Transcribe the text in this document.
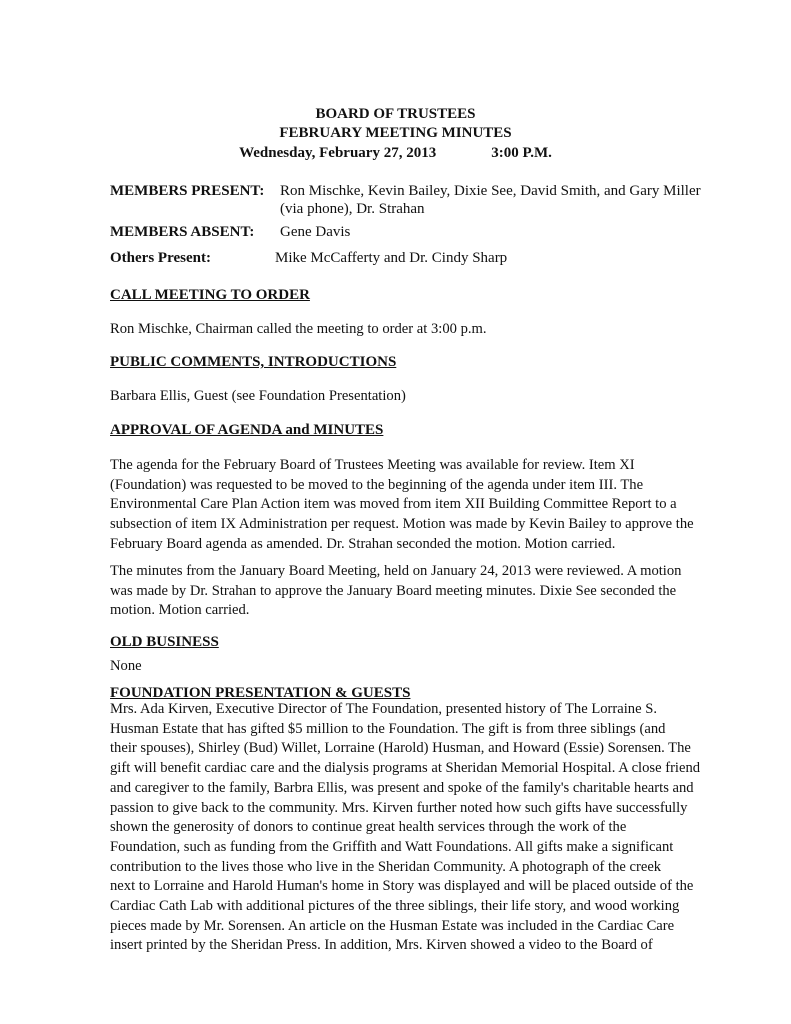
BOARD OF TRUSTEES
FEBRUARY MEETING MINUTES
Wednesday, February 27, 2013	3:00 P.M.
MEMBERS PRESENT: Ron Mischke, Kevin Bailey, Dixie See, David Smith, and Gary Miller
(via phone), Dr. Strahan
MEMBERS ABSENT: Gene Davis
Others Present:	Mike McCafferty and Dr. Cindy Sharp
CALL MEETING TO ORDER
Ron Mischke, Chairman called the meeting to order at 3:00 p.m.
PUBLIC COMMENTS, INTRODUCTIONS
Barbara Ellis, Guest (see Foundation Presentation)
APPROVAL OF AGENDA and MINUTES
The agenda for the February Board of Trustees Meeting was available for review. Item XI
(Foundation) was requested to be moved to the beginning of the agenda under item III. The
Environmental Care Plan Action item was moved from item XII Building Committee Report to a
subsection of item IX Administration per request. Motion was made by Kevin Bailey to approve the
February Board agenda as amended. Dr. Strahan seconded the motion. Motion carried.
The minutes from the January Board Meeting, held on January 24, 2013 were reviewed. A motion
was made by Dr. Strahan to approve the January Board meeting minutes. Dixie See seconded the
motion. Motion carried.
OLD BUSINESS
None
FOUNDATION PRESENTATION & GUESTS
Mrs. Ada Kirven, Executive Director of The Foundation, presented history of The Lorraine S.
Husman Estate that has gifted $5 million to the Foundation. The gift is from three siblings (and
their spouses), Shirley (Bud) Willet, Lorraine (Harold) Husman, and Howard (Essie) Sorensen. The
gift will benefit cardiac care and the dialysis programs at Sheridan Memorial Hospital. A close friend
and caregiver to the family, Barbra Ellis, was present and spoke of the family's charitable hearts and
passion to give back to the community. Mrs. Kirven further noted how such gifts have successfully
shown the generosity of donors to continue great health services through the work of the
Foundation, such as funding from the Griffith and Watt Foundations. All gifts make a significant
contribution to the lives those who live in the Sheridan Community. A photograph of the creek
next to Lorraine and Harold Human's home in Story was displayed and will be placed outside of the
Cardiac Cath Lab with additional pictures of the three siblings, their life story, and wood working
pieces made by Mr. Sorensen. An article on the Husman Estate was included in the Cardiac Care
insert printed by the Sheridan Press. In addition, Mrs. Kirven showed a video to the Board of
